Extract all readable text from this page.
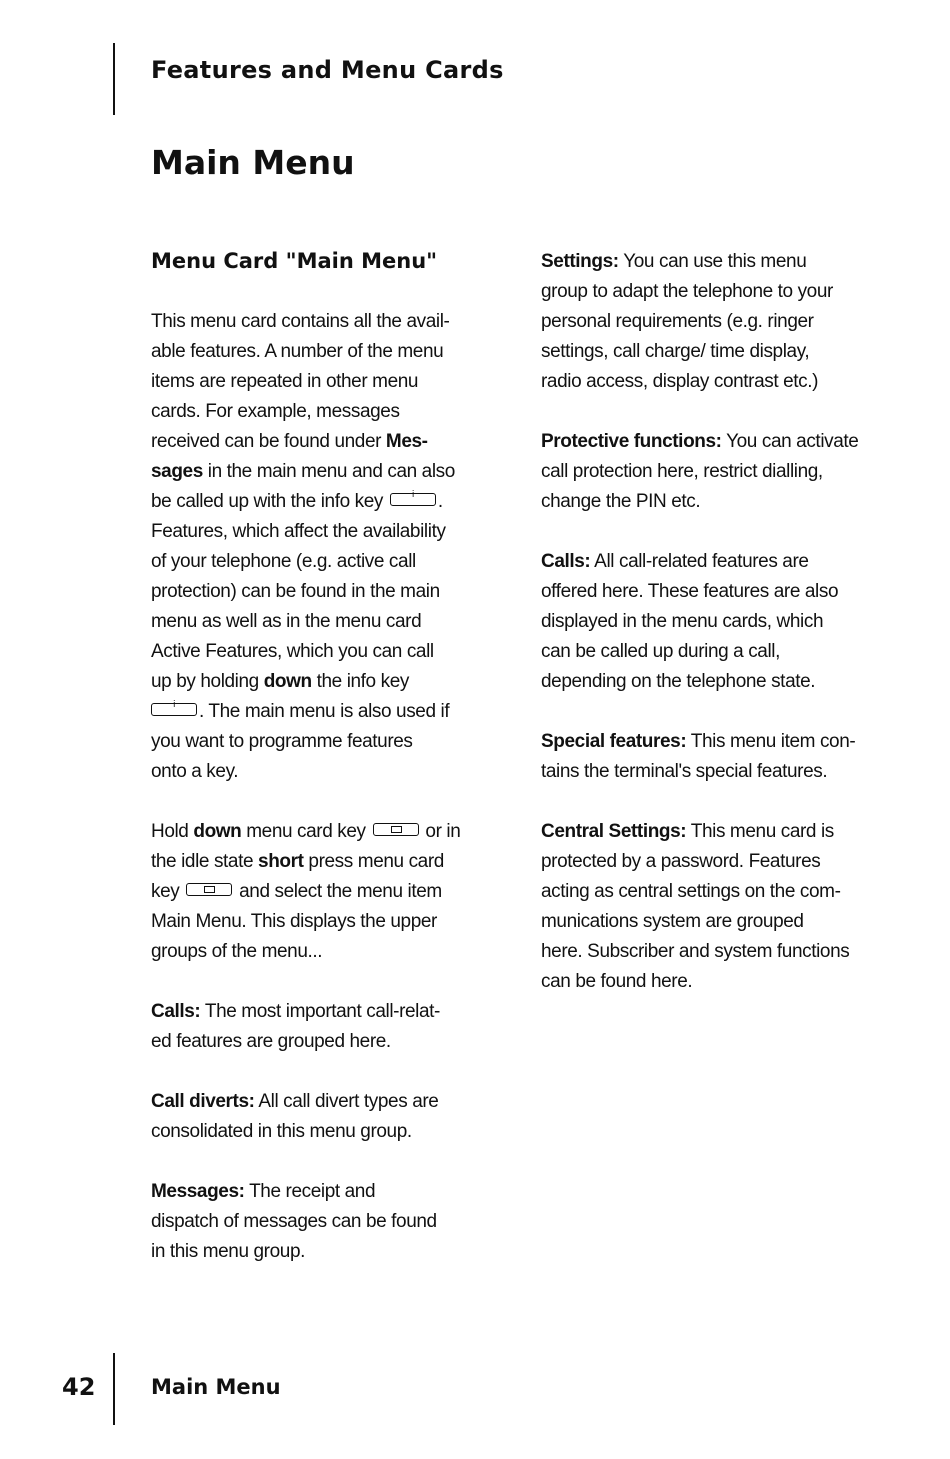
Features and Menu Cards
Main Menu
Menu Card "Main Menu"
This menu card contains all the avail-
able features. A number of the menu
items are repeated in other menu
cards. For example, messages
received can be found under Mes-
sages in the main menu and can also
be called up with the info key i	.
Features, which affect the availability
of your telephone (e.g. active call
protection) can be found in the main
menu as well as in the menu card
Active Features, which you can call
up by holding down the info key
i. The main menu is also used if
you want to programme features
onto a key.
Hold down menu card key	or in
the idle state short press menu card
key	and select the menu item
Main Menu. This displays the upper
groups of the menu...
Calls: The most important call-relat-
ed features are grouped here.
Call diverts: All call divert types are
consolidated in this menu group.
Messages: The receipt and
dispatch of messages can be found
in this menu group.
Settings: You can use this menu
group to adapt the telephone to your
personal requirements (e.g. ringer
settings, call charge/ time display,
radio access, display contrast etc.)
Protective functions: You can activate
call protection here, restrict dialling,
change the PIN etc.
Calls: All call-related features are
offered here. These features are also
displayed in the menu cards, which
can be called up during a call,
depending on the telephone state.
Special features: This menu item con-
tains the terminal's special features.
Central Settings: This menu card is
protected by a password. Features
acting as central settings on the com-
munications system are grouped
here. Subscriber and system functions
can be found here.
42	Main Menu
